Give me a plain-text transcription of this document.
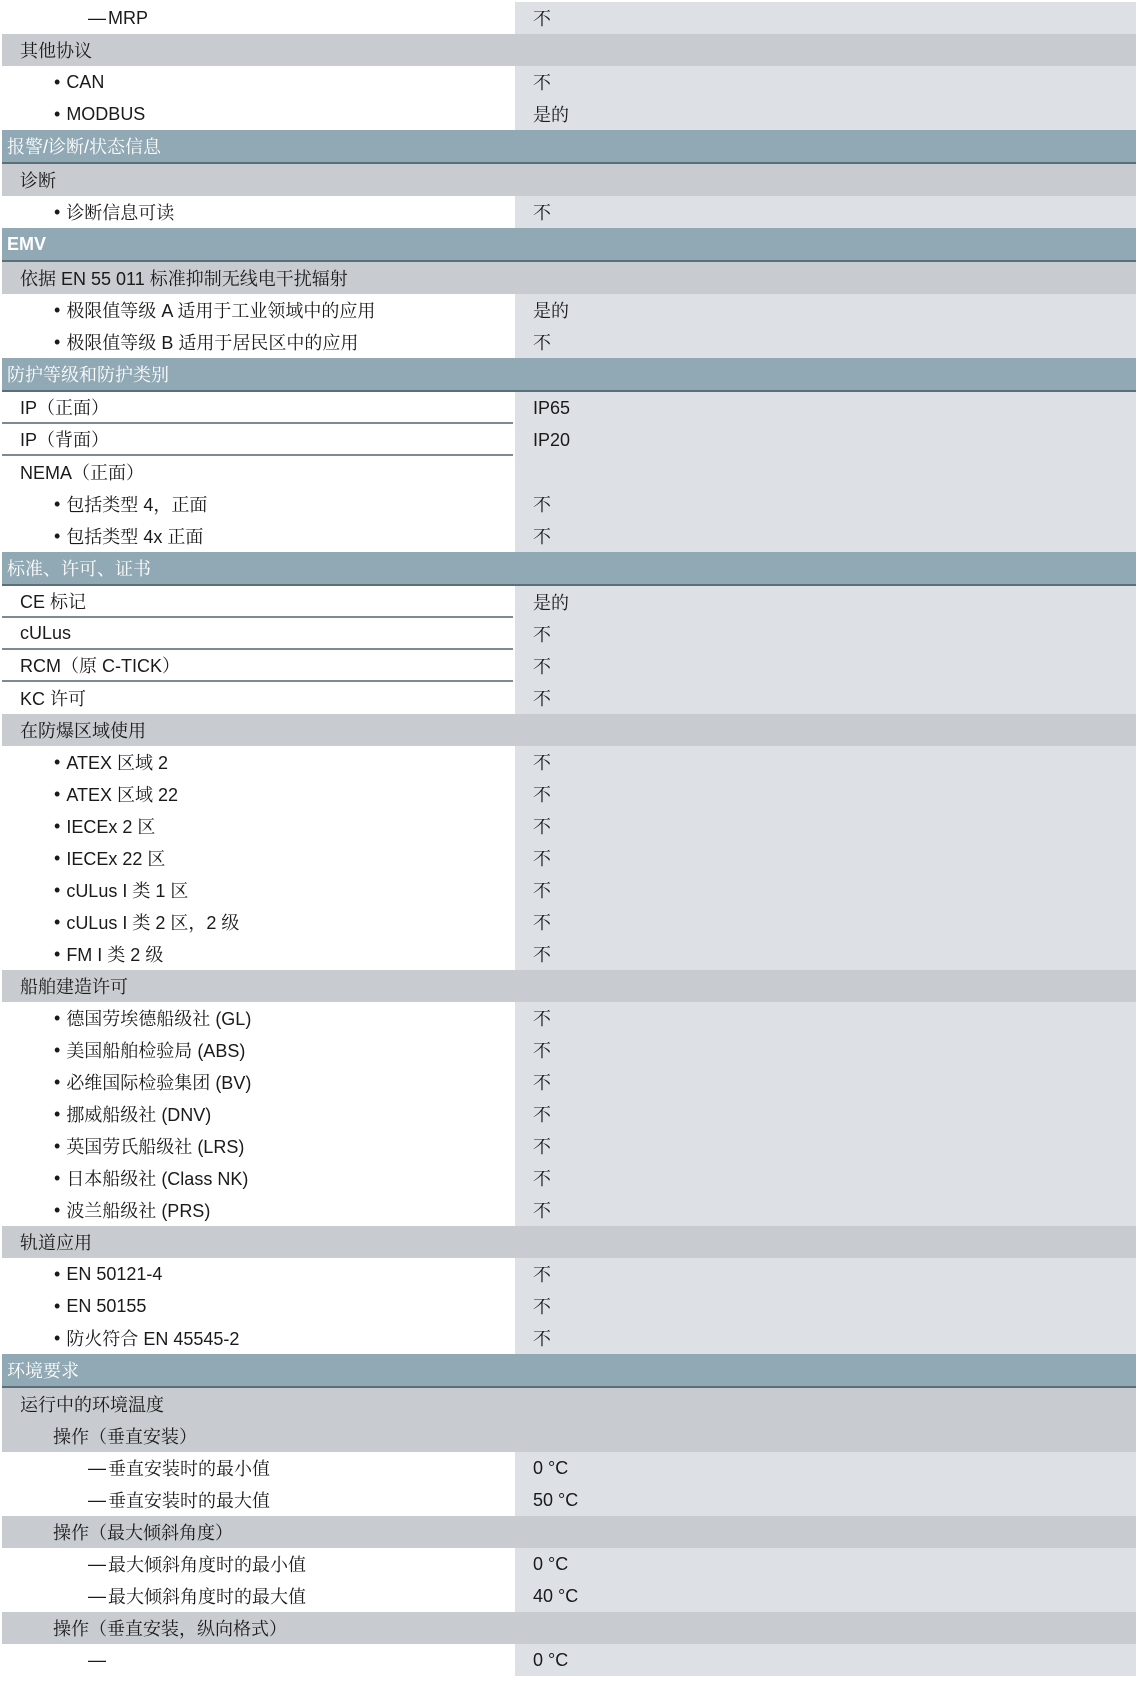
—
MRP	不
其他协议
•
CAN	不
•
MODBUS	是的
报警/诊断/状态信息
诊断
•
诊断信息可读	不
EMV
依据 EN 55 011 标准抑制无线电干扰辐射
•
极限值等级 A 适用于工业领域中的应用	是的
•
极限值等级 B 适用于居民区中的应用	不
防护等级和防护类别
IP（正面）	IP65
IP（背面）	IP20
NEMA（正面）
•
包括类型 4，正面	不
•
包括类型 4x 正面	不
标准、许可、证书
CE 标记	是的
cULus	不
RCM（原 C-TICK）	不
KC 许可	不
在防爆区域使用
•
ATEX 区域 2	不
•
ATEX 区域 22	不
•
IECEx 2 区	不
•
IECEx 22 区	不
•
cULus I 类 1 区	不
•
cULus I 类 2 区，2 级	不
•
FM I 类 2 级	不
船舶建造许可
•
德国劳埃德船级社 (GL)	不
•
美国船舶检验局 (ABS)	不
•
必维国际检验集团 (BV)	不
•
挪威船级社 (DNV)	不
•
英国劳氏船级社 (LRS)	不
•
日本船级社 (Class NK)	不
•
波兰船级社 (PRS)	不
轨道应用
•
EN 50121-4	不
•
EN 50155	不
•
防火符合 EN 45545-2	不
环境要求
运行中的环境温度
操作（垂直安装）
—
垂直安装时的最小值	0 °C
—
垂直安装时的最大值	50 °C
操作（最大倾斜角度）
—
最大倾斜角度时的最小值	0 °C
—
最大倾斜角度时的最大值	40 °C
操作（垂直安装，纵向格式）
—
0 °C
